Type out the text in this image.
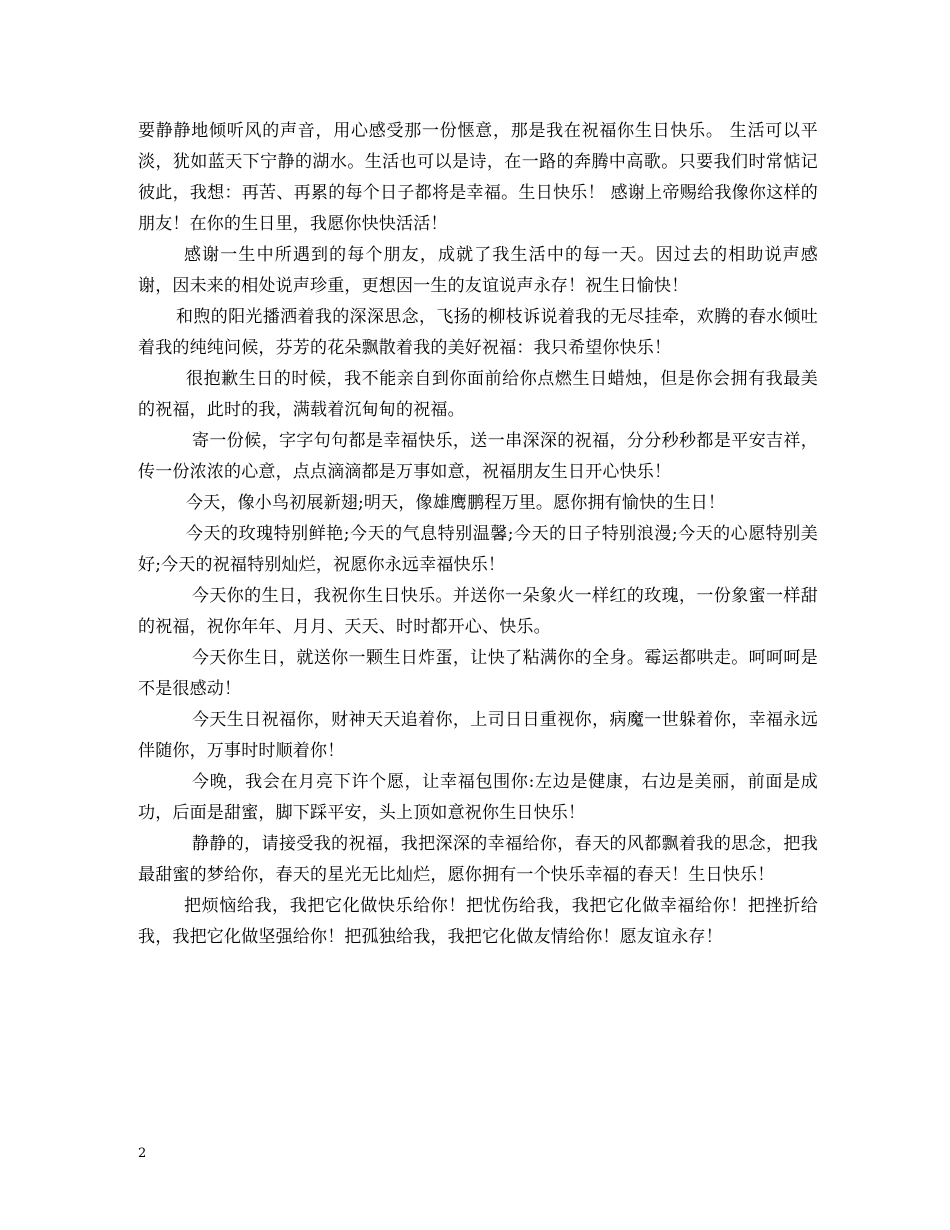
要静静地倾听风的声音，用心感受那一份惬意，那是我在祝福你生日快乐。 生活可以平淡，犹如蓝天下宁静的湖水。生活也可以是诗，在一路的奔腾中高歌。只要我们时常惦记彼此，我想：再苦、再累的每个日子都将是幸福。生日快乐！ 感谢上帝赐给我像你这样的朋友！在你的生日里，我愿你快快活活！

感谢一生中所遇到的每个朋友，成就了我生活中的每一天。因过去的相助说声感谢，因未来的相处说声珍重，更想因一生的友谊说声永存！祝生日愉快！

和煦的阳光播洒着我的深深思念，飞扬的柳枝诉说着我的无尽挂牵，欢腾的春水倾吐着我的纯纯问候，芬芳的花朵飘散着我的美好祝福：我只希望你快乐！

很抱歉生日的时候，我不能亲自到你面前给你点燃生日蜡烛，但是你会拥有我最美的祝福，此时的我，满载着沉甸甸的祝福。

寄一份候，字字句句都是幸福快乐，送一串深深的祝福，分分秒秒都是平安吉祥，传一份浓浓的心意，点点滴滴都是万事如意，祝福朋友生日开心快乐！

今天，像小鸟初展新翅;明天，像雄鹰鹏程万里。愿你拥有愉快的生日！

今天的玫瑰特别鲜艳;今天的气息特别温馨;今天的日子特别浪漫;今天的心愿特别美好;今天的祝福特别灿烂，祝愿你永远幸福快乐！

今天你的生日，我祝你生日快乐。并送你一朵象火一样红的玫瑰，一份象蜜一样甜的祝福，祝你年年、月月、天天、时时都开心、快乐。

今天你生日，就送你一颗生日炸蛋，让快了粘满你的全身。霉运都哄走。呵呵呵是不是很感动！

今天生日祝福你，财神天天追着你，上司日日重视你，病魔一世躲着你，幸福永远伴随你，万事时时顺着你！

今晚，我会在月亮下许个愿，让幸福包围你:左边是健康，右边是美丽，前面是成功，后面是甜蜜，脚下踩平安，头上顶如意祝你生日快乐！

静静的，请接受我的祝福，我把深深的幸福给你，春天的风都飘着我的思念，把我最甜蜜的梦给你，春天的星光无比灿烂，愿你拥有一个快乐幸福的春天！生日快乐！

把烦恼给我，我把它化做快乐给你！把忧伤给我，我把它化做幸福给你！把挫折给我，我把它化做坚强给你！把孤独给我，我把它化做友情给你！愿友谊永存！

2
